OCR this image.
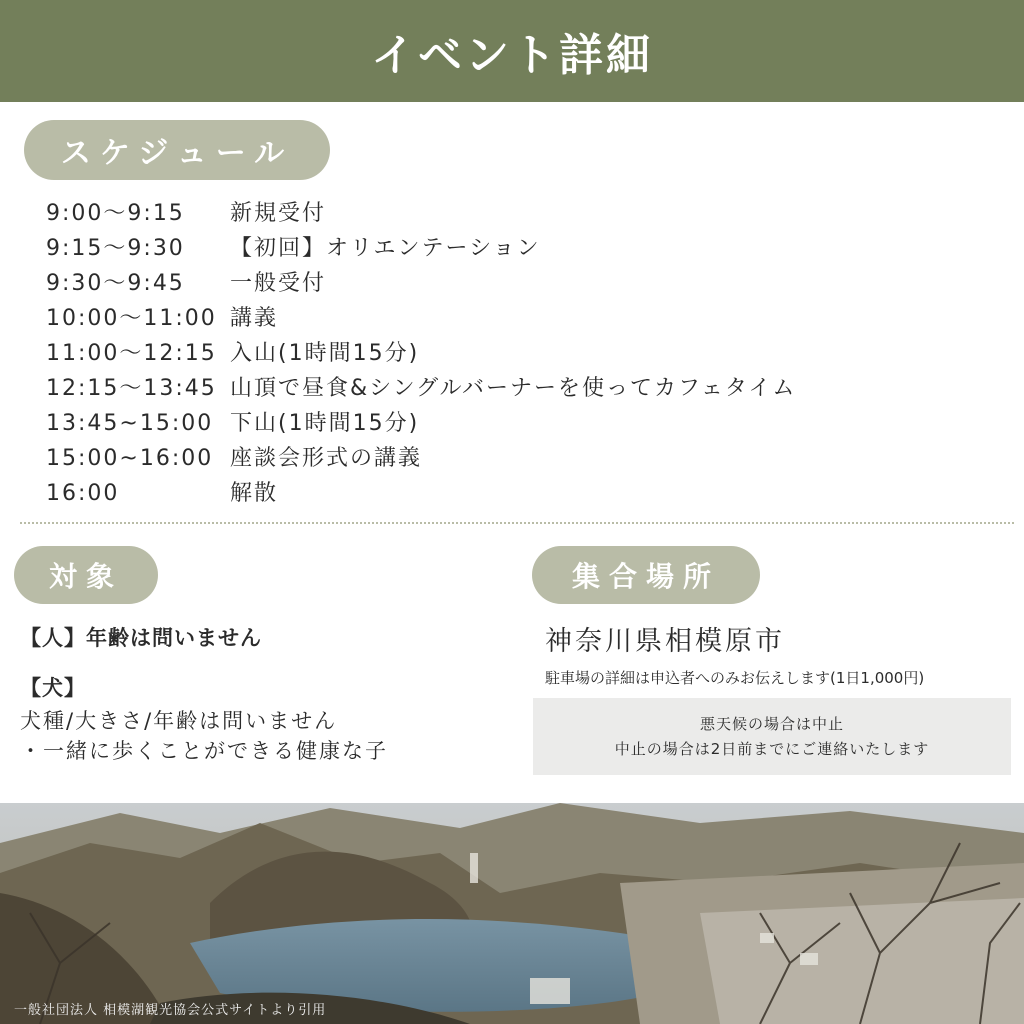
イベント詳細
スケジュール
9:00～9:15	新規受付
9:15～9:30	【初回】オリエンテーション
9:30～9:45	一般受付
10:00～11:00 講義
11:00～12:15 入山(1時間15分)
12:15～13:45 山頂で昼食&シングルバーナーを使ってカフェタイム
13:45~15:00 下山(1時間15分)
15:00~16:00 座談会形式の講義
16:00	解散
対象	集合場所
【人】年齢は問いません
【犬】
犬種/大きさ/年齢は問いません
・一緒に歩くことができる健康な子
神奈川県相模原市
駐車場の詳細は申込者へのみお伝えします(1日1,000円)
悪天候の場合は中止
中止の場合は2日前までにご連絡いたします
一般社団法人 相模湖観光協会公式サイトより引用
